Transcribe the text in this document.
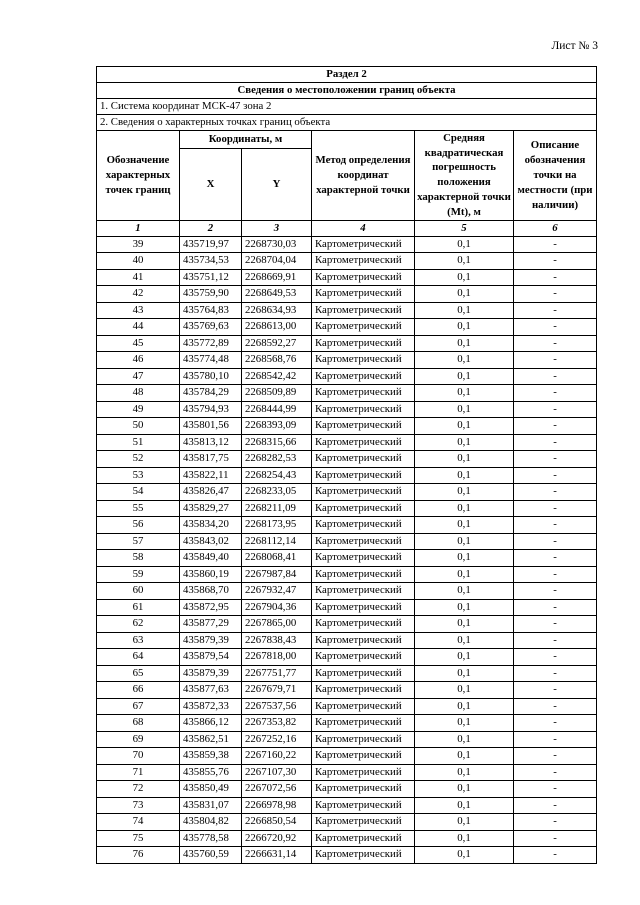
Лист № 3
Раздел 2					
Сведения о местоположении границ объекта					
1. Система координат МСК-47 зона 2					
2. Сведения о характерных точках границ объекта					
Обозначение характерных точек границ	Координаты, м		Метод определения координат характерной точки	Средняя квадратическая погрешность положения характерной точки (Mt), м	Описание обозначения точки на местности (при наличии)
	X	Y			
1	2	3	4	5	6
39	435719,97	2268730,03	Картометрический	0,1	-
40	435734,53	2268704,04	Картометрический	0,1	-
41	435751,12	2268669,91	Картометрический	0,1	-
42	435759,90	2268649,53	Картометрический	0,1	-
43	435764,83	2268634,93	Картометрический	0,1	-
44	435769,63	2268613,00	Картометрический	0,1	-
45	435772,89	2268592,27	Картометрический	0,1	-
46	435774,48	2268568,76	Картометрический	0,1	-
47	435780,10	2268542,42	Картометрический	0,1	-
48	435784,29	2268509,89	Картометрический	0,1	-
49	435794,93	2268444,99	Картометрический	0,1	-
50	435801,56	2268393,09	Картометрический	0,1	-
51	435813,12	2268315,66	Картометрический	0,1	-
52	435817,75	2268282,53	Картометрический	0,1	-
53	435822,11	2268254,43	Картометрический	0,1	-
54	435826,47	2268233,05	Картометрический	0,1	-
55	435829,27	2268211,09	Картометрический	0,1	-
56	435834,20	2268173,95	Картометрический	0,1	-
57	435843,02	2268112,14	Картометрический	0,1	-
58	435849,40	2268068,41	Картометрический	0,1	-
59	435860,19	2267987,84	Картометрический	0,1	-
60	435868,70	2267932,47	Картометрический	0,1	-
61	435872,95	2267904,36	Картометрический	0,1	-
62	435877,29	2267865,00	Картометрический	0,1	-
63	435879,39	2267838,43	Картометрический	0,1	-
64	435879,54	2267818,00	Картометрический	0,1	-
65	435879,39	2267751,77	Картометрический	0,1	-
66	435877,63	2267679,71	Картометрический	0,1	-
67	435872,33	2267537,56	Картометрический	0,1	-
68	435866,12	2267353,82	Картометрический	0,1	-
69	435862,51	2267252,16	Картометрический	0,1	-
70	435859,38	2267160,22	Картометрический	0,1	-
71	435855,76	2267107,30	Картометрический	0,1	-
72	435850,49	2267072,56	Картометрический	0,1	-
73	435831,07	2266978,98	Картометрический	0,1	-
74	435804,82	2266850,54	Картометрический	0,1	-
75	435778,58	2266720,92	Картометрический	0,1	-
76	435760,59	2266631,14	Картометрический	0,1	-
